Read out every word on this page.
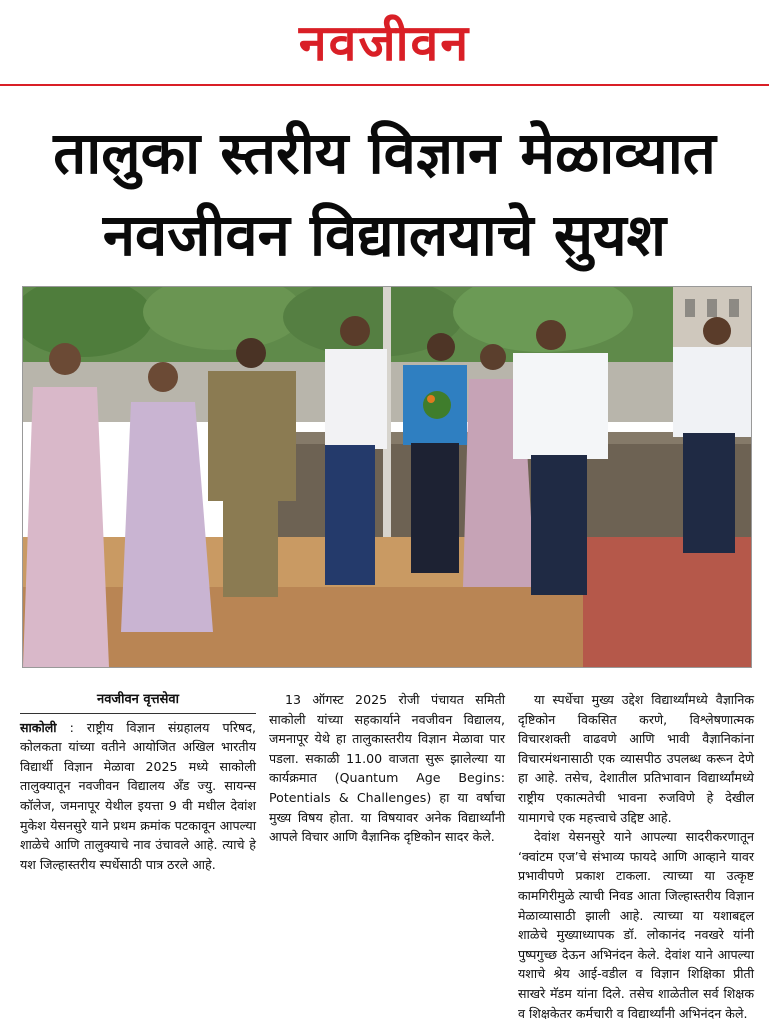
नवजीवन
तालुका स्तरीय विज्ञान मेळाव्यात
नवजीवन विद्यालयाचे सुयश
नवजीवन वृत्तसेवा

साकोली : राष्ट्रीय विज्ञान संग्रहालय परिषद, कोलकता यांच्या वतीने आयोजित अखिल भारतीय विद्यार्थी विज्ञान मेळावा 2025 मध्ये साकोली तालुक्यातून नवजीवन विद्यालय अँड ज्यु. सायन्स कॉलेज, जमनापूर येथील इयत्ता 9 वी मधील देवांश मुकेश येसनसुरे याने प्रथम क्रमांक पटकावून आपल्या शाळेचे आणि तालुक्याचे नाव उंचावले आहे. त्याचे हे यश जिल्हास्तरीय स्पर्धेसाठी पात्र ठरले आहे.

13 ऑगस्ट 2025 रोजी पंचायत समिती साकोली यांच्या सहकार्याने नवजीवन विद्यालय, जमनापूर येथे हा तालुकास्तरीय विज्ञान मेळावा पार पडला. सकाळी 11.00 वाजता सुरू झालेल्या या कार्यक्रमात (Quantum Age Begins: Potentials & Challenges) हा या वर्षाचा मुख्य विषय होता. या विषयावर अनेक विद्यार्थ्यांनी आपले विचार आणि वैज्ञानिक दृष्टिकोन सादर केले.

या स्पर्धेचा मुख्य उद्देश विद्यार्थ्यांमध्ये वैज्ञानिक दृष्टिकोन विकसित करणे, विश्लेषणात्मक विचारशक्ती वाढवणे आणि भावी वैज्ञानिकांना विचारमंथनासाठी एक व्यासपीठ उपलब्ध करून देणे हा आहे. तसेच, देशातील प्रतिभावान विद्यार्थ्यांमध्ये राष्ट्रीय एकात्मतेची भावना रुजविणे हे देखील यामागचे एक महत्त्वाचे उद्दिष्ट आहे.

देवांश येसनसुरे याने आपल्या सादरीकरणातून ‘क्वांटम एज’चे संभाव्य फायदे आणि आव्हाने यावर प्रभावीपणे प्रकाश टाकला. त्याच्या या उत्कृष्ट कामगिरीमुळे त्याची निवड आता जिल्हास्तरीय विज्ञान मेळाव्यासाठी झाली आहे. त्याच्या या यशाबद्दल शाळेचे मुख्याध्यापक डॉ. लोकानंद नवखरे यांनी पुष्पगुच्छ देऊन अभिनंदन केले. देवांश याने आपल्या यशाचे श्रेय आई-वडील व विज्ञान शिक्षिका प्रीती साखरे मॅडम यांना दिले. तसेच शाळेतील सर्व शिक्षक व शिक्षकेतर कर्मचारी व विद्यार्थ्यांनी अभिनंदन केले.
